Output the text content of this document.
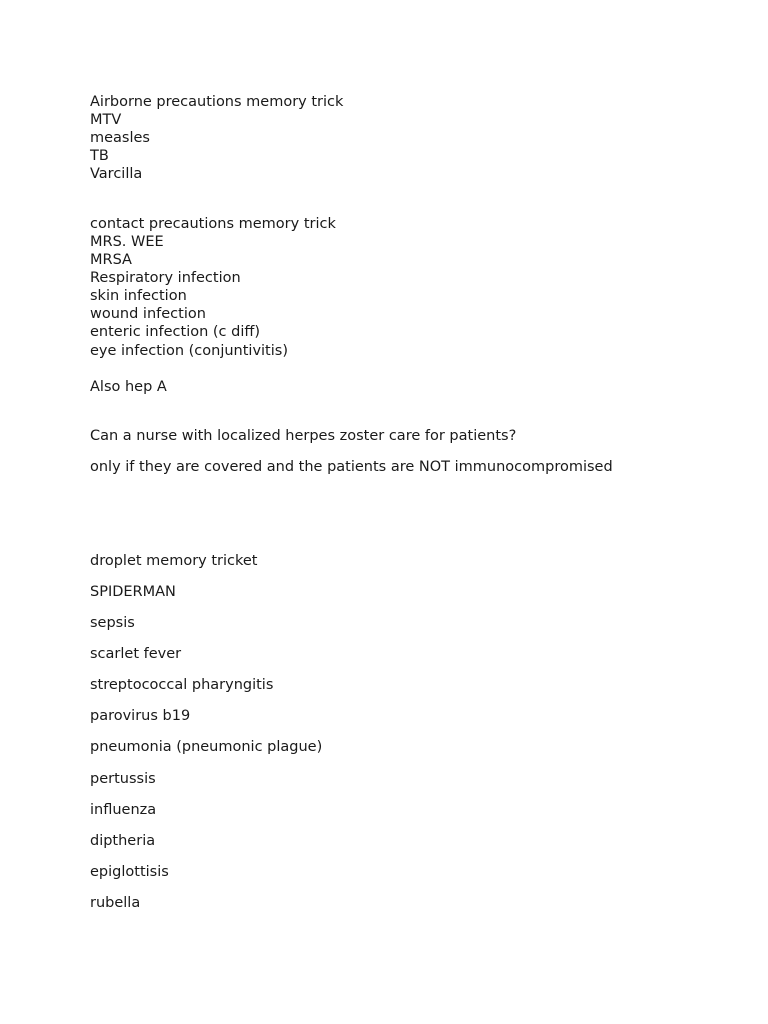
Airborne precautions memory trick
MTV
measles
TB
Varcilla
contact precautions memory trick
MRS. WEE
MRSA
Respiratory infection
skin infection
wound infection
enteric infection (c diff)
eye infection (conjuntivitis)
Also hep A
Can a nurse with localized herpes zoster care for patients?
only if they are covered and the patients are NOT immunocompromised
droplet memory tricket
SPIDERMAN
sepsis
scarlet fever
streptococcal pharyngitis
parovirus b19
pneumonia (pneumonic plague)
pertussis
influenza
diptheria
epiglottisis
rubella
